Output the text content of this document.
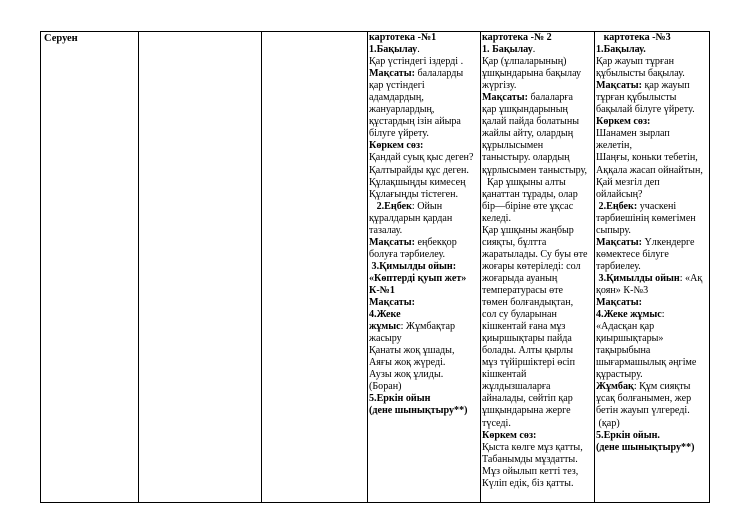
Серуен	картотека -№1
1.Бақылау.
Қар үстіндегі іздерді .
Мақсаты: балаларды
қар үстіндегі
адамдардың,
жануарлардың,
құстардың ізін айыра
білуге үйрету.
Көркем сөз:
Қандай суық қыс деген?
Қалтырайды құс деген.
Құлақшыңды кимесең
Құлағыңды тістеген.
2.Еңбек: Ойын
құралдарын қардан
тазалау.
Мақсаты: еңбекқор
болуға тәрбиелеу.
3.Қимылды ойын:
«Көптерді қуып жет»
К-№1
Мақсаты:
4.Жеке
жұмыс: Жұмбақтар
жасыру
Қанаты жоқ ұшады,
Аяғы жоқ жүреді.
Аузы жоқ ұлиды.
(Боран)
5.Еркін ойын
(дене шынықтыру**)
картотека -№ 2
1. Бақылау.
Қар (ұлпаларының)
ұшқындарына бақылау
жүргізу.
Мақсаты: балаларға
қар ұшқындарының
қалай пайда болатыны
жайлы айту, олардың
құрылысымен
таныстыру. олардың
құрлысымен таныстыру,
Қар ұшқыны алты
қанаттан тұрады, олар
бір—біріне өте ұқсас
келеді.
Қар ұшқыны жаңбыр
сияқты, бұлтта
жаратылады. Су буы өте
жоғары көтеріледі: сол
жоғарыда ауаның
температурасы өте
төмен болғандықтан,
сол су буларынан
кішкентай ғана мұз
қиыршықтары пайда
болады. Алты қырлы
мұз түйіршіктері өсіп
кішкентай
жұлдызшаларға
айналады, сөйтіп қар
ұшқындарына жерге
түседі.
Көркем сөз:
Қыста көлге мұз қатты,
Табанымды мұздатты.
Мұз ойылып кетті тез,
Күліп едік, біз қатты.
картотека -№3
1.Бақылау.
Қар жауып тұрған
құбылысты бақылау.
Мақсаты: қар жауып
тұрған құбылысты
бақылай білуге үйрету.
Көркем сөз:
Шанамен зырлап
желетін,
Шаңғы, коньки тебетін,
Аққала жасап ойнайтын,
Қай мезгіл деп
ойлайсың?
2.Еңбек: учаскені
тәрбиешінің көмегімен
сыпыру.
Мақсаты: Үлкендерге
көмектесе білуге
тәрбиелеу.
3.Қимылды ойын: «Ақ
қоян» К-№3
Мақсаты:
4.Жеке жұмыс:
«Адасқан қар
қиыршықтары»
тақырыбына
шығармашылық әңгіме
құрастыру.
Жұмбақ: Құм сияқты
ұсақ болғанымен, жер
бетін жауып үлгереді.
(қар)
5.Еркін ойын.
(дене шынықтыру**)
